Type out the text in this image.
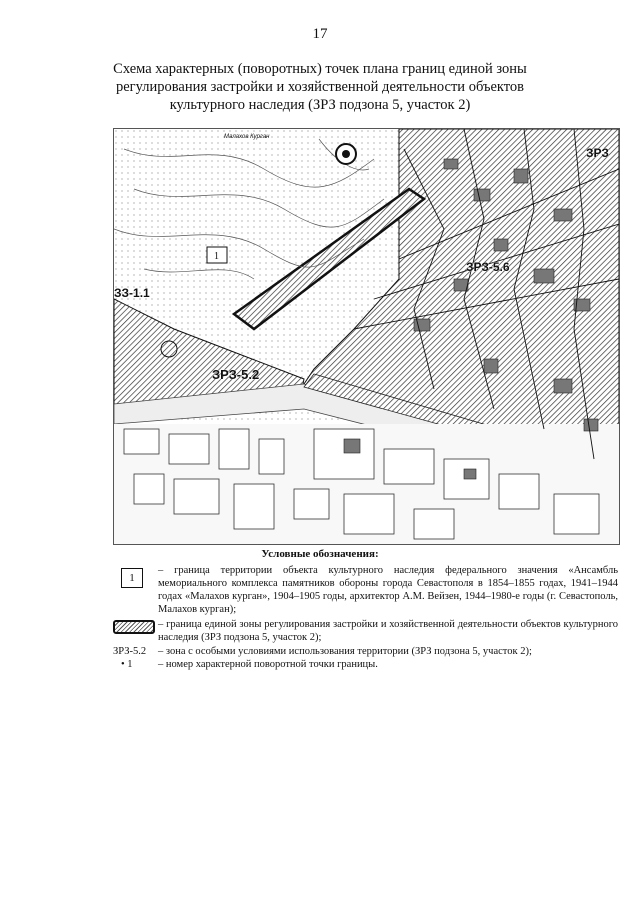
17
Схема характерных (поворотных) точек плана границ единой зоны
регулирования застройки и хозяйственной деятельности объектов
культурного наследия (ЗРЗ подзона 5, участок 2)
Малахов Курган
1
ЗРЗ
ЗРЗ-5.6
ЗЗ-1.1
ЗРЗ-5.2
Условные обозначения:
1
– граница территории объекта культурного наследия федерального значения «Ансамбль мемориального комплекса памятников обороны города Севастополя в 1854–1855 годах, 1941–1944 годах «Малахов курган», 1904–1905 годы, архитектор А.М. Вейзен, 1944–1980-е годы (г. Севастополь, Малахов курган);
– граница единой зоны регулирования застройки и хозяйственной деятельности объектов культурного наследия (ЗРЗ подзона 5, участок 2);
ЗРЗ-5.2	– зона с особыми условиями использования территории (ЗРЗ подзона 5, участок 2);
• 1	– номер характерной поворотной точки границы.
